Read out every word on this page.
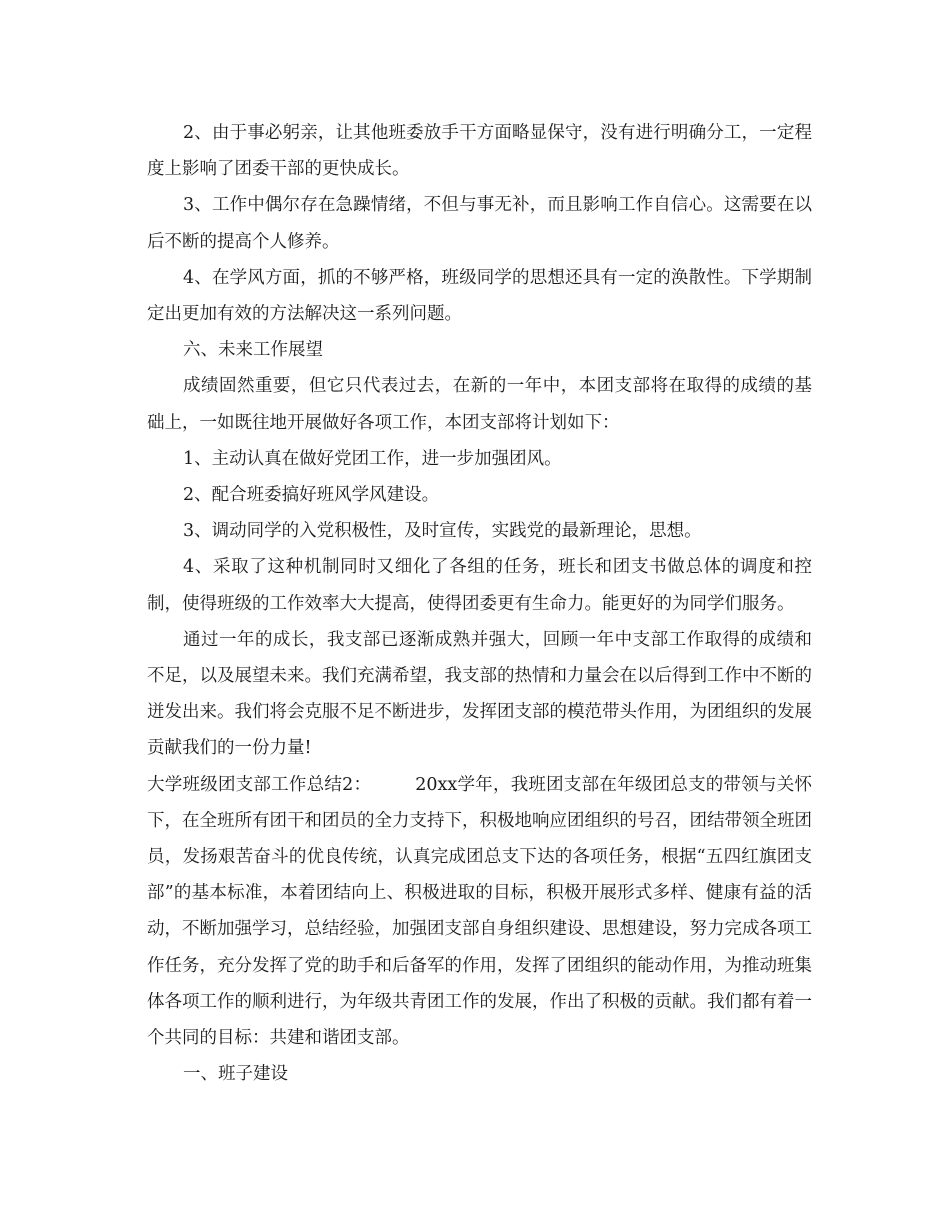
2、由于事必躬亲，让其他班委放手干方面略显保守，没有进行明确分工，一定程度上影响了团委干部的更快成长。

3、工作中偶尔存在急躁情绪，不但与事无补，而且影响工作自信心。这需要在以后不断的提高个人修养。

4、在学风方面，抓的不够严格，班级同学的思想还具有一定的涣散性。下学期制定出更加有效的方法解决这一系列问题。

六、未来工作展望

成绩固然重要，但它只代表过去，在新的一年中，本团支部将在取得的成绩的基础上，一如既往地开展做好各项工作，本团支部将计划如下：

1、主动认真在做好党团工作，进一步加强团风。

2、配合班委搞好班风学风建设。

3、调动同学的入党积极性，及时宣传，实践党的最新理论，思想。

4、采取了这种机制同时又细化了各组的任务，班长和团支书做总体的调度和控制，使得班级的工作效率大大提高，使得团委更有生命力。能更好的为同学们服务。

通过一年的成长，我支部已逐渐成熟并强大，回顾一年中支部工作取得的成绩和不足，以及展望未来。我们充满希望，我支部的热情和力量会在以后得到工作中不断的迸发出来。我们将会克服不足不断进步，发挥团支部的模范带头作用，为团组织的发展贡献我们的一份力量!

大学班级团支部工作总结2：	20xx学年，我班团支部在年级团总支的带领与关怀下，在全班所有团干和团员的全力支持下，积极地响应团组织的号召，团结带领全班团员，发扬艰苦奋斗的优良传统，认真完成团总支下达的各项任务，根据“五四红旗团支部”的基本标准，本着团结向上、积极进取的目标，积极开展形式多样、健康有益的活动，不断加强学习，总结经验，加强团支部自身组织建设、思想建设，努力完成各项工作任务，充分发挥了党的助手和后备军的作用，发挥了团组织的能动作用，为推动班集体各项工作的顺利进行，为年级共青团工作的发展，作出了积极的贡献。我们都有着一个共同的目标：共建和谐团支部。

一、班子建设
